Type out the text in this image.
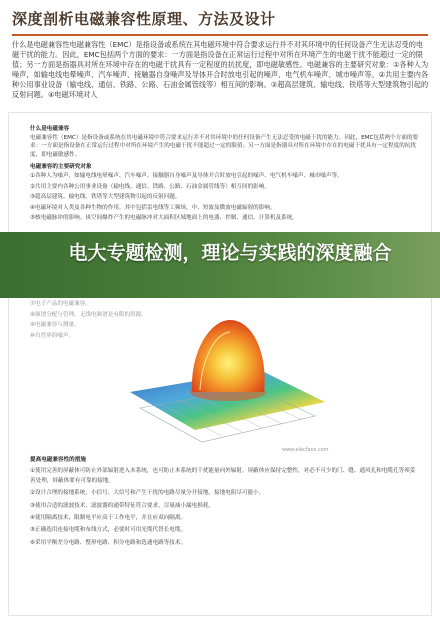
深度剖析电磁兼容性原理、方法及设计
什么是电磁兼容性电磁兼容性（EMC）是指设备或系统在其电磁环境中符合要求运行并不对其环境中的任何设备产生无法忍受的电磁干扰的能力。因此，EMC包括两个方面的要求：一方面是指设备在正常运行过程中对所在环境产生的电磁干扰不能超过一定的限值；另一方面是指器具对所在环境中存在的电磁干扰具有一定程度的抗扰度，即电磁敏感性。电磁兼容的主要研究对象：①各种人为噪声，如输电线电晕噪声、汽车噪声、接触器自身噪声及导体开合时放电引起的噪声、电气机车噪声、城市噪声等。②共用主要内各种公用事业设备（输电线、通信、铁路、公路、石油金属管线等）相互间的影响。③超高层建筑、输电线、铁塔等大型建筑物引起的反射问题。④电磁环境对人
什么是电磁兼容

电磁兼容性（EMC）是指设备或系统在其电磁环境中符合要求运行并不对其环境中的任何设备产生无法忍受的电磁干扰的能力。因此，EMC包括两个方面的要求：一方面是指设备在正常运行过程中对所在环境产生的电磁干扰不能超过一定的限值；另一方面是指器具对所在环境中存在的电磁干扰具有一定程度的抗扰度，即电磁敏感性。

电磁兼容的主要研究对象

①各种人为噪声，如输电线电晕噪声、汽车噪声、接触器自身噪声及导体开合时放电引起的噪声、电气机车噪声、城市噪声等。

②共用主要内各种公用事业设备（输电线、通信、铁路、公路、石油金属管线等）相互间的影响。

③超高层建筑、输电线、铁塔等大型建筑物引起的反射问题。

④电磁环境对人类及各种生物的作用。其中包括雷电线等工频场，中、短波及微波电磁辐射的影响。

⑤核电磁脉冲的影响。该空间爆炸产生的电磁脉冲对大面积区域地面上的电器、控制、通信、计算机及系统。

电大专题检测，理论与实践的深度融合

⑦电子产品的电磁兼容。

⑧频谱分配与管理。无线电频谱是有限的资源。

⑨电磁兼容与测量。

⑩自然界的噪声。

www.elecfans.com
提高电磁兼容性的措施

①使用完善的屏蔽体可防止外部辐射进入本系统，也可防止本系统的干扰能量向外辐射。屏蔽体应保持完整性，对必不可少的门、缝、通风孔和电缆孔等须妥善处理，屏蔽体要有可靠的接地。

②设计合理的接地系统，小信号、大信号和产生干扰的电路尽量分开接地，接地电阻尽可能小。

③使用合适的滤波技术，滤波器的通带特征符合要求，尽量减小漏电损耗。

④使用隔离技术，限制电平应高于工作电平，并且应双向隔离。

⑤正确选用连接电缆和布线方式，必要时可用光缆代替长电缆。

⑥采用平衡差分电路、整形电路、积分电路和选通电路等技术。
